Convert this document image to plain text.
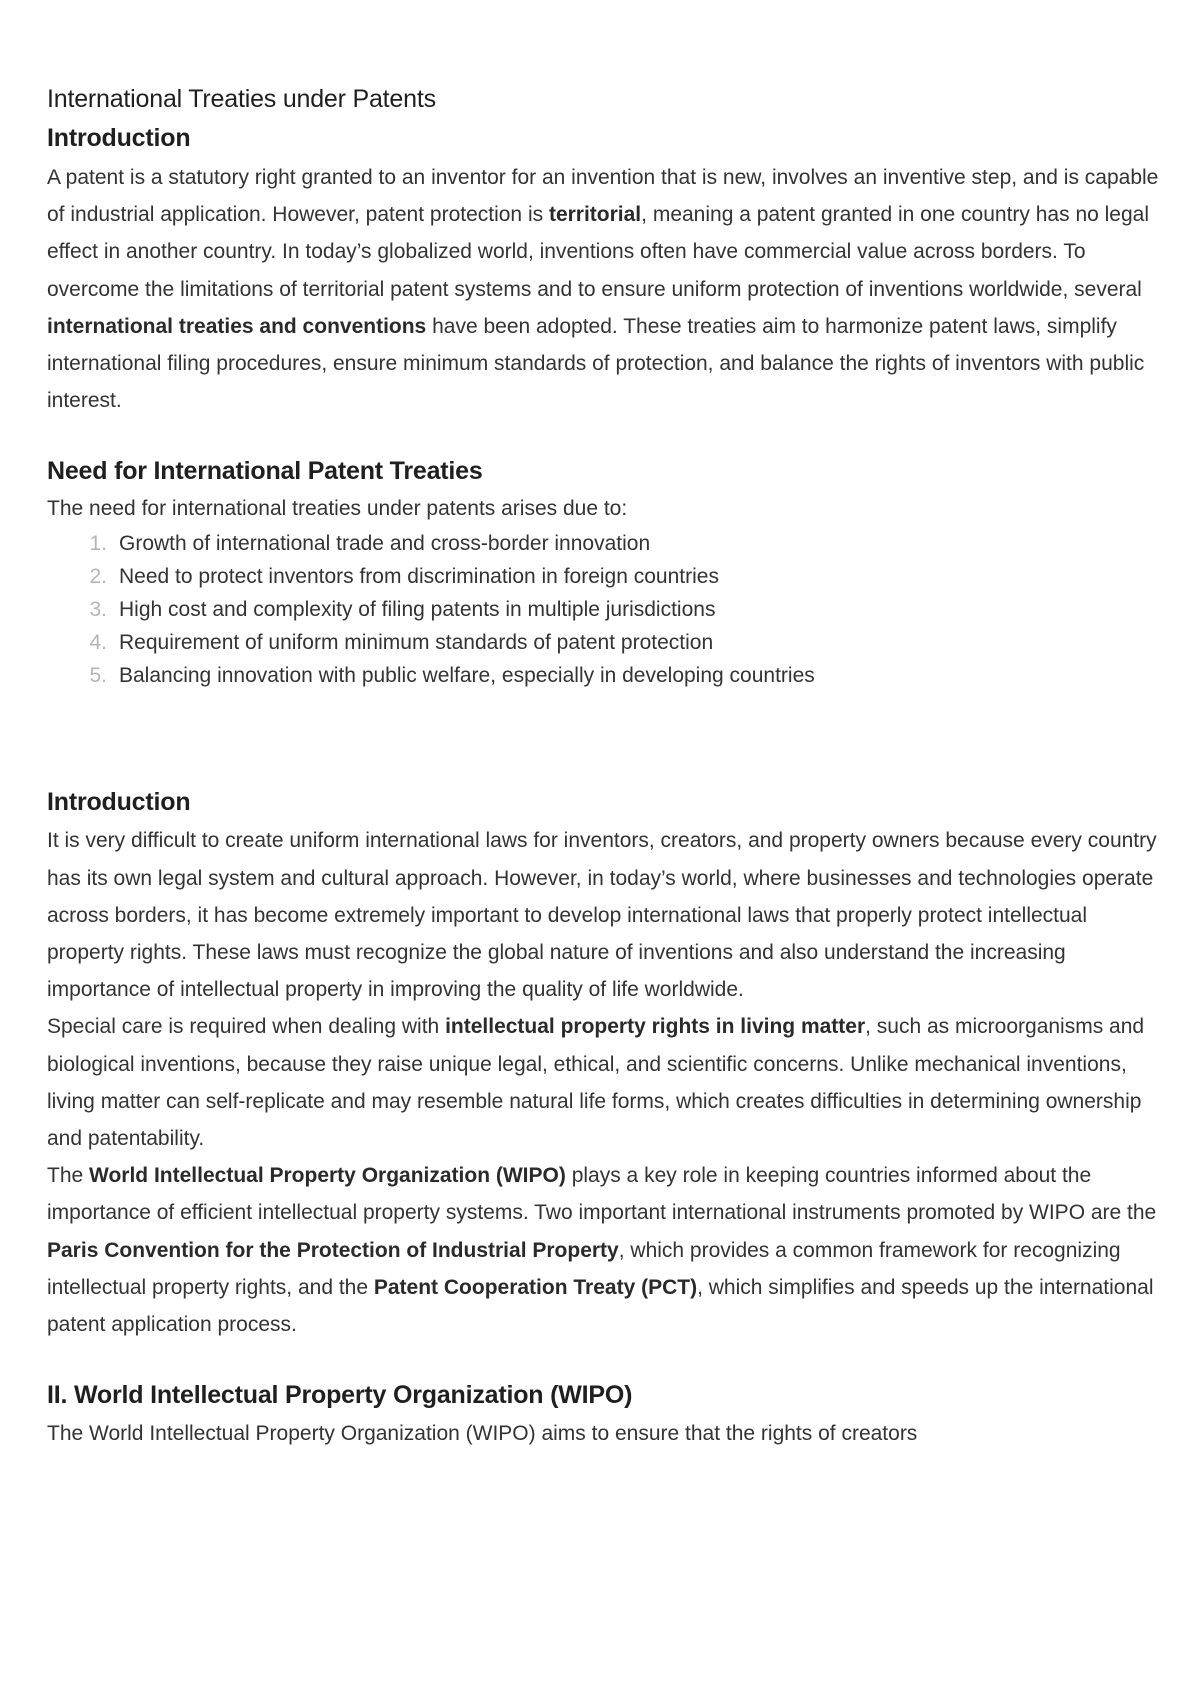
International Treaties under Patents
Introduction

A patent is a statutory right granted to an inventor for an invention that is new, involves an inventive step, and is capable of industrial application. However, patent protection is territorial, meaning a patent granted in one country has no legal effect in another country. In today’s globalized world, inventions often have commercial value across borders. To overcome the limitations of territorial patent systems and to ensure uniform protection of inventions worldwide, several international treaties and conventions have been adopted. These treaties aim to harmonize patent laws, simplify international filing procedures, ensure minimum standards of protection, and balance the rights of inventors with public interest.

Need for International Patent Treaties

The need for international treaties under patents arises due to:

1. Growth of international trade and cross-border innovation
2. Need to protect inventors from discrimination in foreign countries
3. High cost and complexity of filing patents in multiple jurisdictions
4. Requirement of uniform minimum standards of patent protection
5. Balancing innovation with public welfare, especially in developing countries
Introduction

It is very difficult to create uniform international laws for inventors, creators, and property owners because every country has its own legal system and cultural approach. However, in today’s world, where businesses and technologies operate across borders, it has become extremely important to develop international laws that properly protect intellectual property rights. These laws must recognize the global nature of inventions and also understand the increasing importance of intellectual property in improving the quality of life worldwide.

Special care is required when dealing with intellectual property rights in living matter, such as microorganisms and biological inventions, because they raise unique legal, ethical, and scientific concerns. Unlike mechanical inventions, living matter can self-replicate and may resemble natural life forms, which creates difficulties in determining ownership and patentability.

The World Intellectual Property Organization (WIPO) plays a key role in keeping countries informed about the importance of efficient intellectual property systems. Two important international instruments promoted by WIPO are the Paris Convention for the Protection of Industrial Property, which provides a common framework for recognizing intellectual property rights, and the Patent Cooperation Treaty (PCT), which simplifies and speeds up the international patent application process.

II. World Intellectual Property Organization (WIPO)

The World Intellectual Property Organization (WIPO) aims to ensure that the rights of creators
